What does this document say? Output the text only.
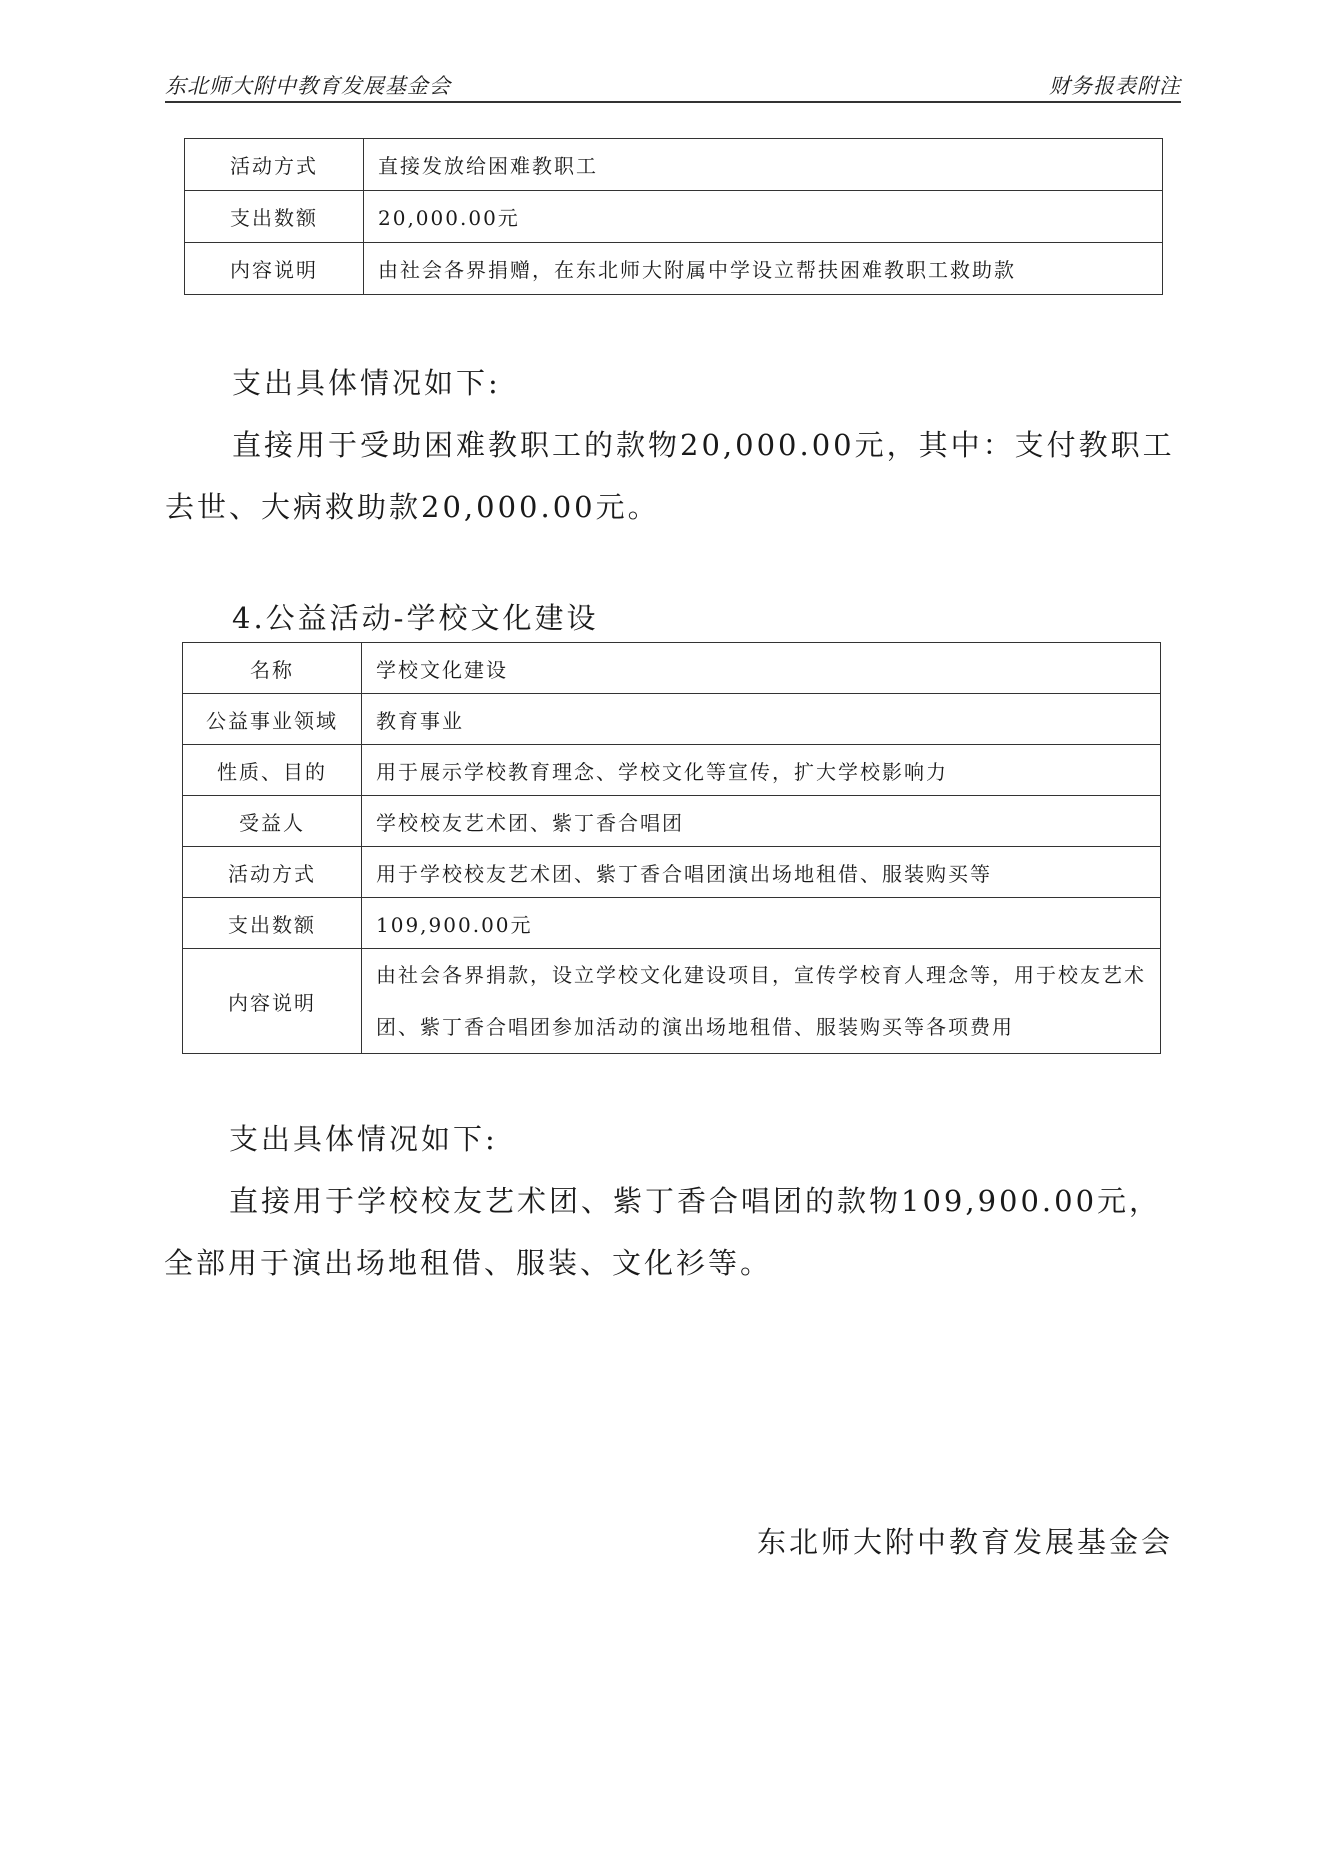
东北师大附中教育发展基金会	财务报表附注
活动方式	直接发放给困难教职工
支出数额	20,000.00元
内容说明	由社会各界捐赠，在东北师大附属中学设立帮扶困难教职工救助款

支出具体情况如下:

直接用于受助困难教职工的款物20,000.00元，其中：支付教职工去世、大病救助款20,000.00元。

4.公益活动-学校文化建设

名称	学校文化建设
公益事业领域	教育事业
性质、目的	用于展示学校教育理念、学校文化等宣传，扩大学校影响力
受益人	学校校友艺术团、紫丁香合唱团
活动方式	用于学校校友艺术团、紫丁香合唱团演出场地租借、服装购买等
支出数额	109,900.00元
内容说明	由社会各界捐款，设立学校文化建设项目，宣传学校育人理念等，用于校友艺术团、紫丁香合唱团参加活动的演出场地租借、服装购买等各项费用

支出具体情况如下:

直接用于学校校友艺术团、紫丁香合唱团的款物109,900.00元，全部用于演出场地租借、服装、文化衫等。

东北师大附中教育发展基金会
